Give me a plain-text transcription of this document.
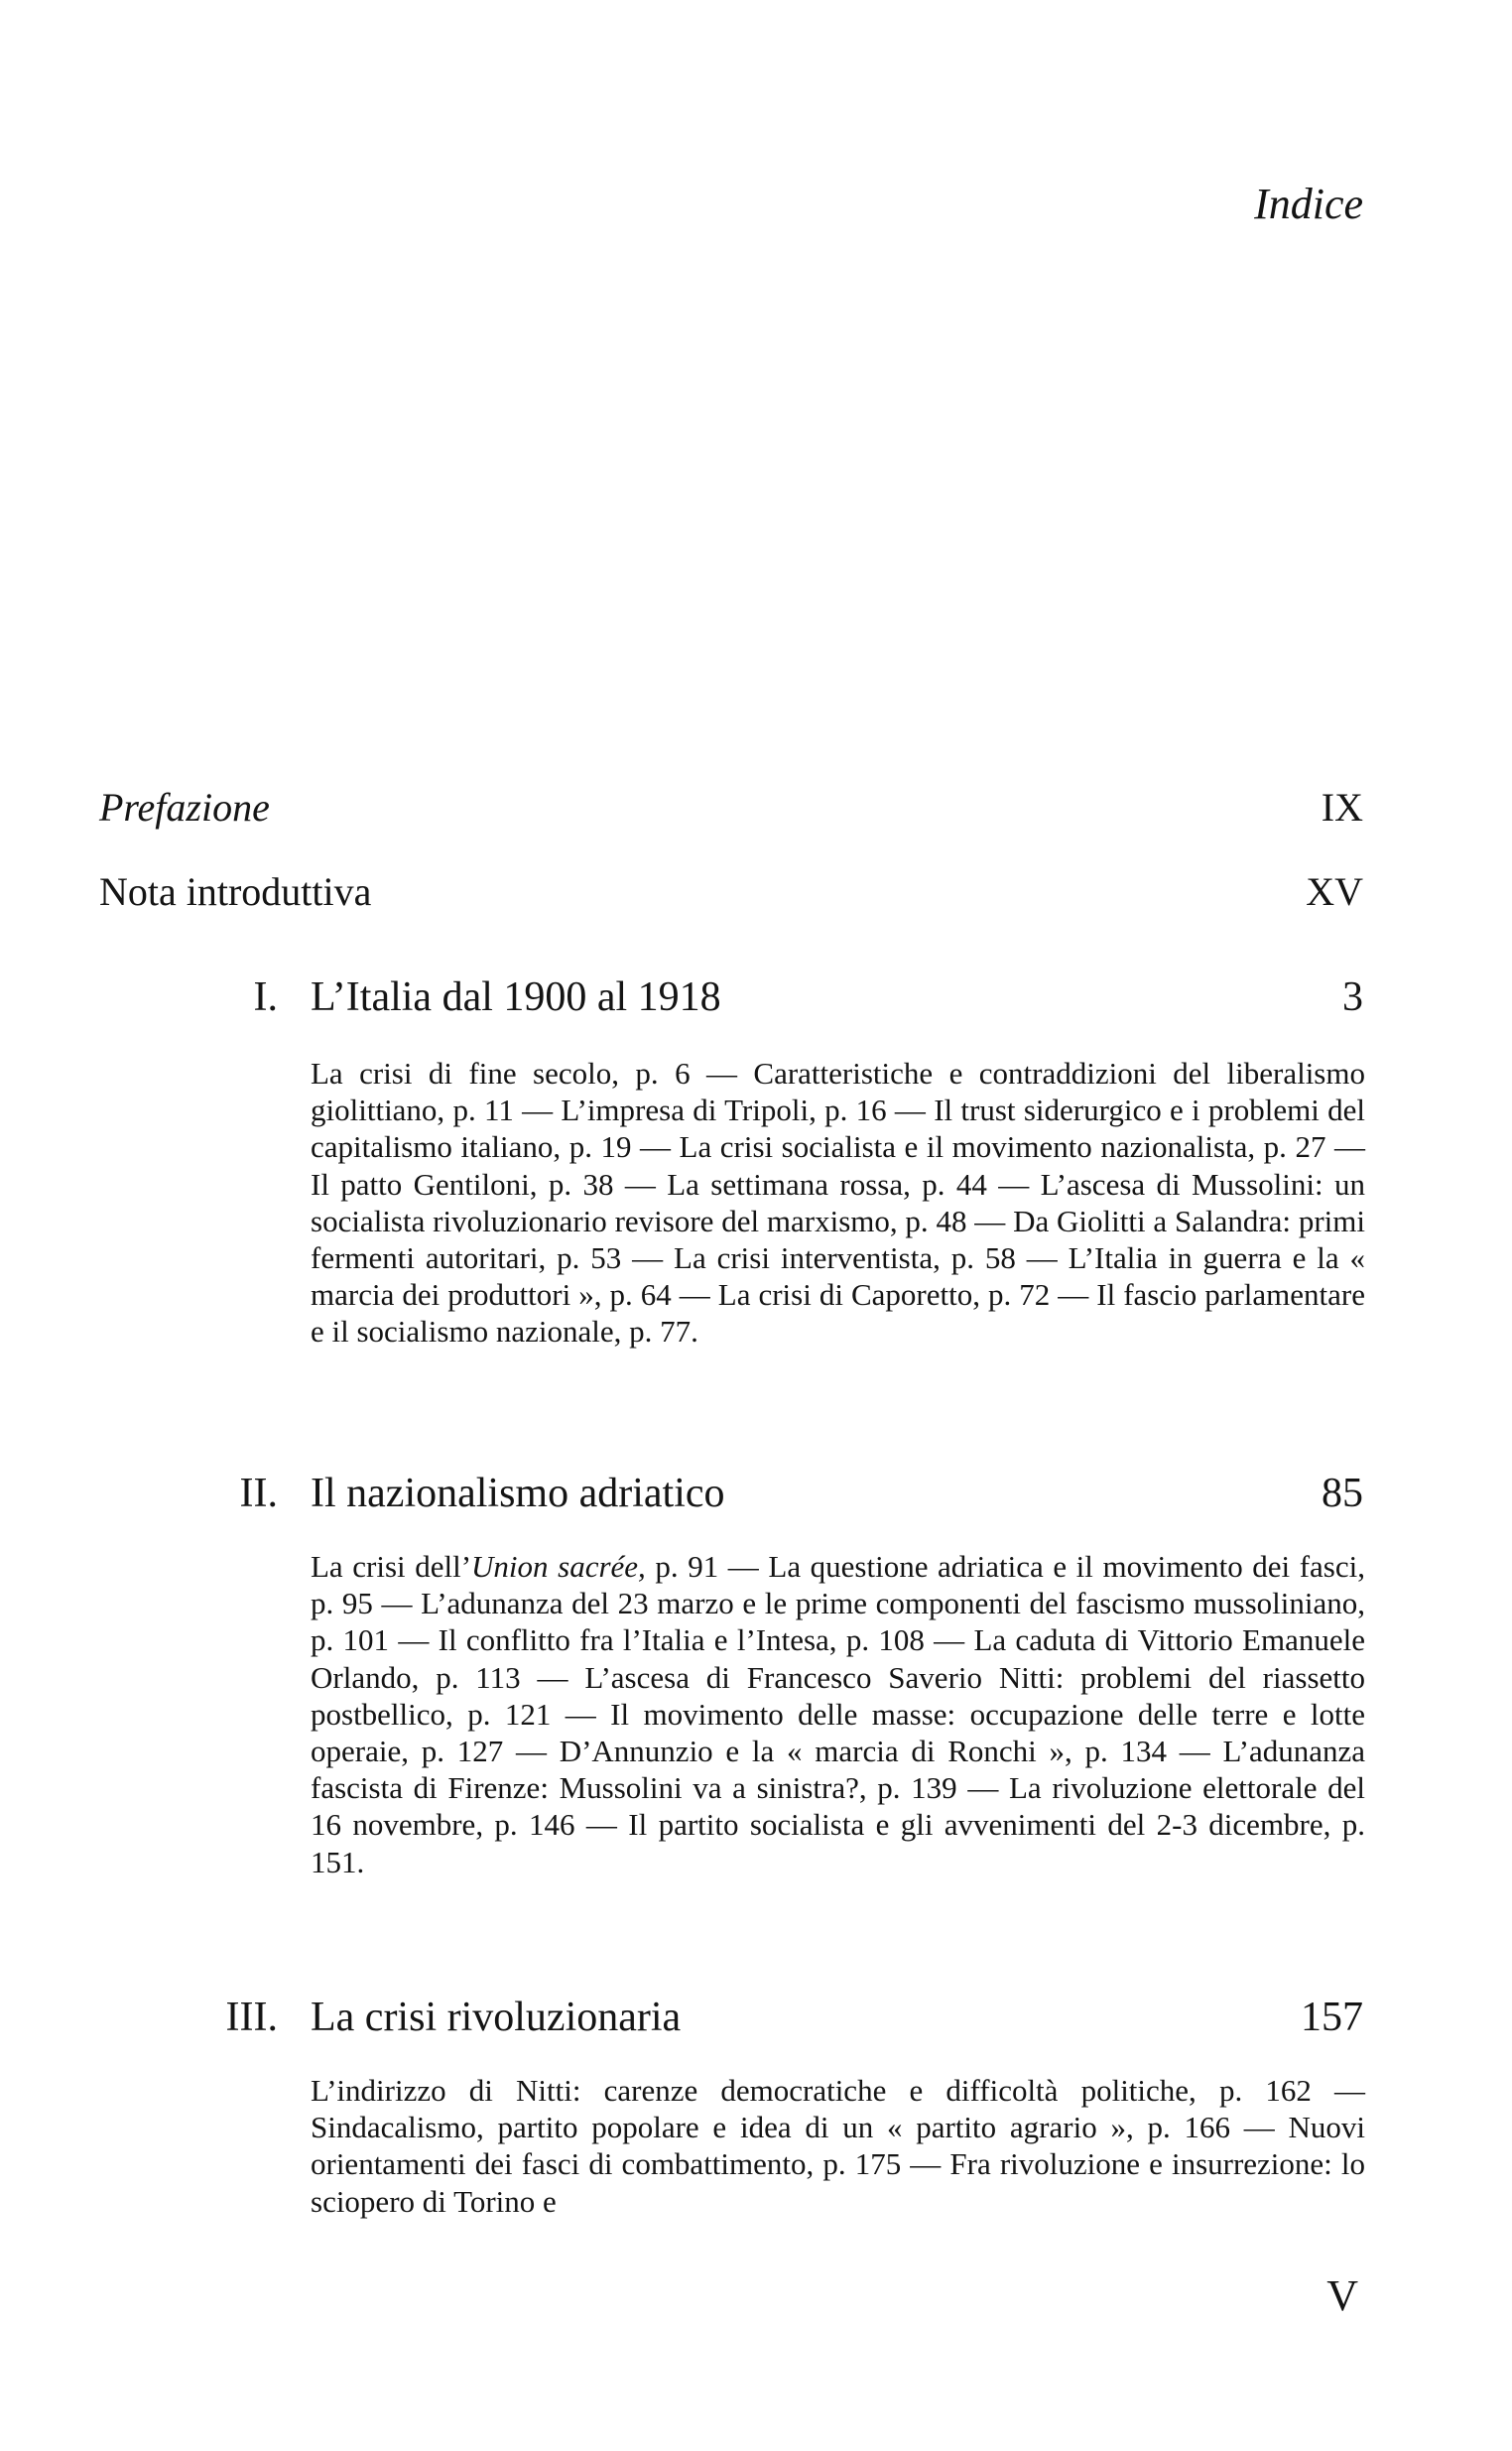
Indice
Prefazione	IX
Nota introduttiva	XV
I. L’Italia dal 1900 al 1918	3

La crisi di fine secolo, p. 6 — Caratteristiche e contraddizioni del liberalismo giolittiano, p. 11 — L’impresa di Tripoli, p. 16 — Il trust siderurgico e i problemi del capitalismo italiano, p. 19 — La crisi socialista e il movimento nazionalista, p. 27 — Il patto Gentiloni, p. 38 — La settimana rossa, p. 44 — L’ascesa di Mussolini: un socialista rivoluzionario revisore del marxismo, p. 48 — Da Giolitti a Salandra: primi fermenti autoritari, p. 53 — La crisi interventista, p. 58 — L’Italia in guerra e la « marcia dei produttori », p. 64 — La crisi di Caporetto, p. 72 — Il fascio parlamentare e il socialismo nazionale, p. 77.

II. Il nazionalismo adriatico	85

La crisi dell’Union sacrée, p. 91 — La questione adriatica e il movimento dei fasci, p. 95 — L’adunanza del 23 marzo e le prime componenti del fascismo mussoliniano, p. 101 — Il conflitto fra l’Italia e l’Intesa, p. 108 — La caduta di Vittorio Emanuele Orlando, p. 113 — L’ascesa di Francesco Saverio Nitti: problemi del riassetto postbellico, p. 121 — Il movimento delle masse: occupazione delle terre e lotte operaie, p. 127 — D’Annunzio e la « marcia di Ronchi », p. 134 — L’adunanza fascista di Firenze: Mussolini va a sinistra?, p. 139 — La rivoluzione elettorale del 16 novembre, p. 146 — Il partito socialista e gli avvenimenti del 2-3 dicembre, p. 151.

III. La crisi rivoluzionaria	157

L’indirizzo di Nitti: carenze democratiche e difficoltà politiche, p. 162 — Sindacalismo, partito popolare e idea di un « partito agrario », p. 166 — Nuovi orientamenti dei fasci di combattimento, p. 175 — Fra rivoluzione e insurrezione: lo sciopero di Torino e

V
